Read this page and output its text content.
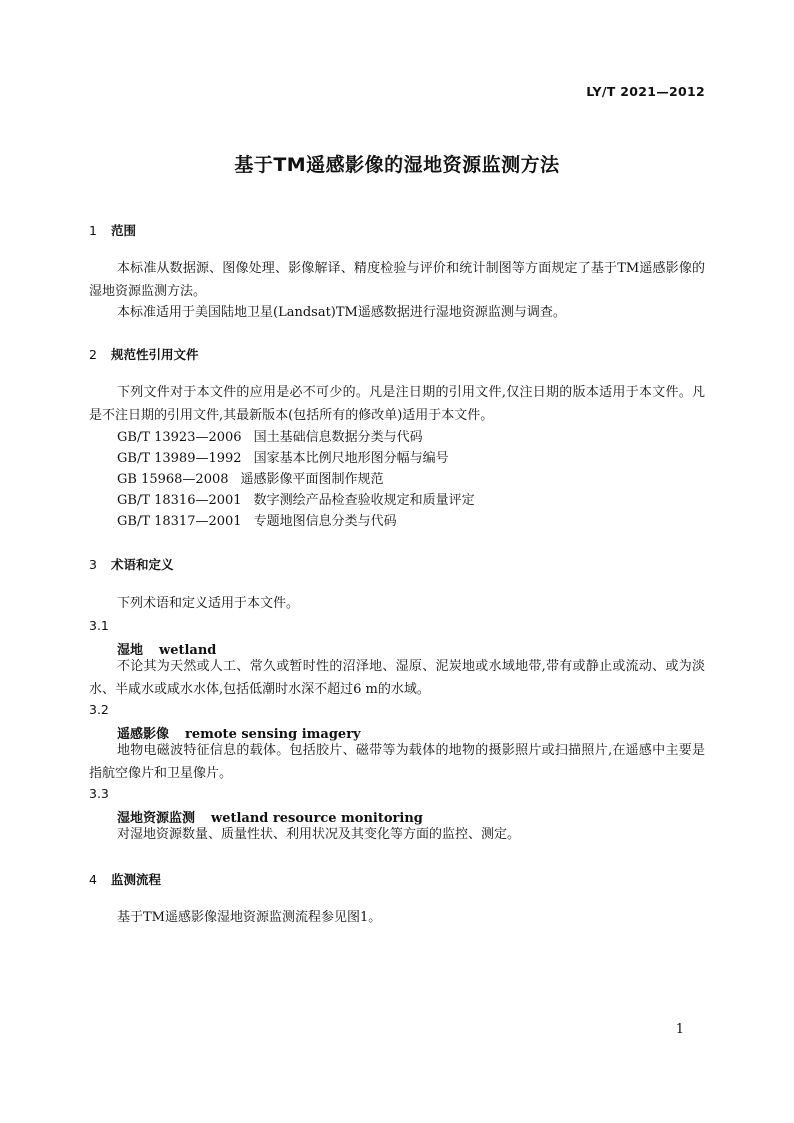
LY/T 2021—2012
基于TM遥感影像的湿地资源监测方法
1 范围
本标准从数据源、图像处理、影像解译、精度检验与评价和统计制图等方面规定了基于TM遥感影像的湿地资源监测方法。
本标准适用于美国陆地卫星(Landsat)TM遥感数据进行湿地资源监测与调查。
2 规范性引用文件
下列文件对于本文件的应用是必不可少的。凡是注日期的引用文件,仅注日期的版本适用于本文件。凡是不注日期的引用文件,其最新版本(包括所有的修改单)适用于本文件。
GB/T 13923—2006 国土基础信息数据分类与代码
GB/T 13989—1992 国家基本比例尺地形图分幅与编号
GB 15968—2008 遥感影像平面图制作规范
GB/T 18316—2001 数字测绘产品检查验收规定和质量评定
GB/T 18317—2001 专题地图信息分类与代码
3 术语和定义
下列术语和定义适用于本文件。
3.1
湿地 wetland
不论其为天然或人工、常久或暂时性的沼泽地、湿原、泥炭地或水域地带,带有或静止或流动、或为淡水、半咸水或咸水水体,包括低潮时水深不超过6 m的水域。
3.2
遥感影像 remote sensing imagery
地物电磁波特征信息的载体。包括胶片、磁带等为载体的地物的摄影照片或扫描照片,在遥感中主要是指航空像片和卫星像片。
3.3
湿地资源监测 wetland resource monitoring
对湿地资源数量、质量性状、利用状况及其变化等方面的监控、测定。
4 监测流程
基于TM遥感影像湿地资源监测流程参见图1。
1
